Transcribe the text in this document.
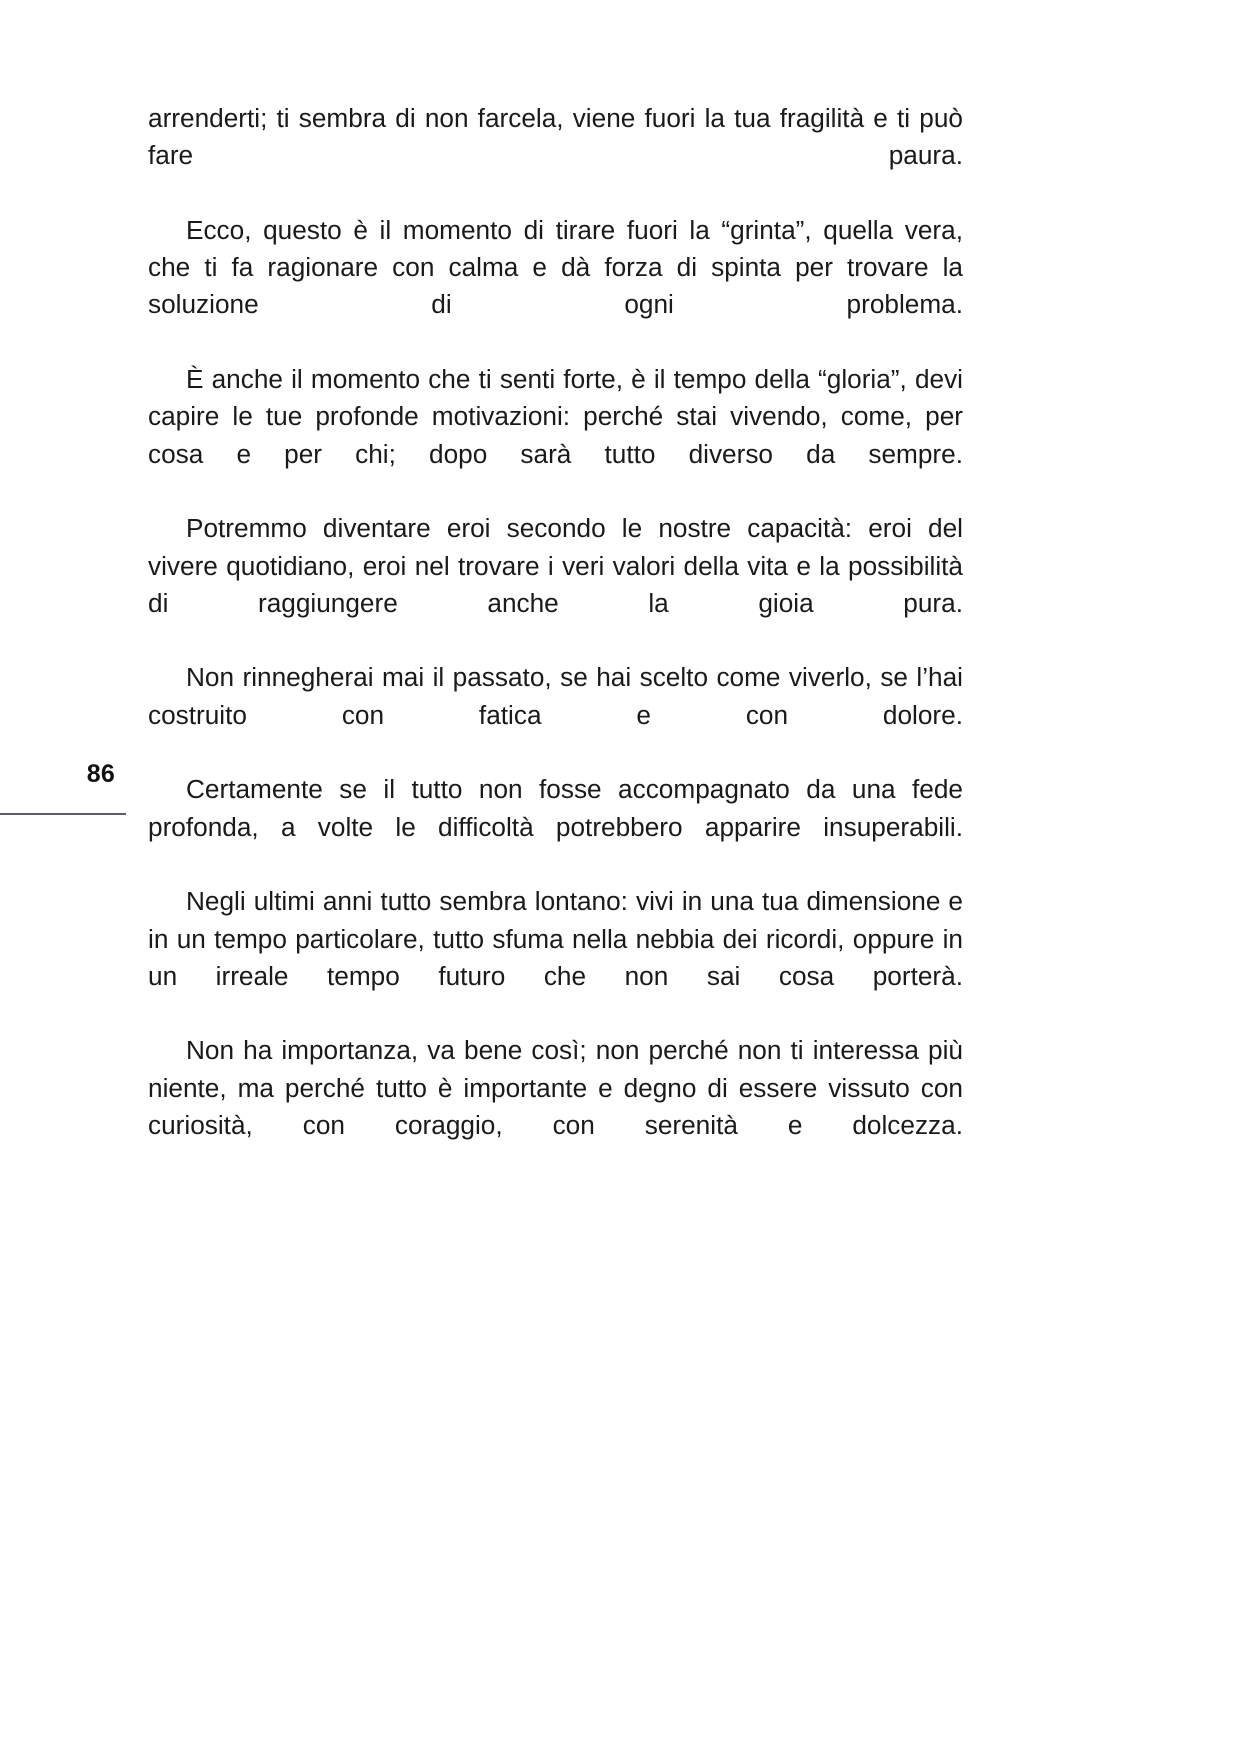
86

arrenderti; ti sembra di non farcela, viene fuori la tua fragilità e ti può fare paura.

Ecco, questo è il momento di tirare fuori la “grinta”, quella vera, che ti fa ragionare con calma e dà forza di spinta per trovare la soluzione di ogni problema.

È anche il momento che ti senti forte, è il tempo della “gloria”, devi capire le tue profonde motivazioni: perché stai vivendo, come, per cosa e per chi; dopo sarà tutto diverso da sempre.

Potremmo diventare eroi secondo le nostre capacità: eroi del vivere quotidiano, eroi nel trovare i veri valori della vita e la possibilità di raggiungere anche la gioia pura.

Non rinnegherai mai il passato, se hai scelto come viverlo, se l’hai costruito con fatica e con dolore.

Certamente se il tutto non fosse accompagnato da una fede profonda, a volte le difficoltà potrebbero apparire insuperabili.

Negli ultimi anni tutto sembra lontano: vivi in una tua dimensione e in un tempo particolare, tutto sfuma nella nebbia dei ricordi, oppure in un irreale tempo futuro che non sai cosa porterà.

Non ha importanza, va bene così; non perché non ti interessa più niente, ma perché tutto è importante e degno di essere vissuto con curiosità, con coraggio, con serenità e dolcezza.
